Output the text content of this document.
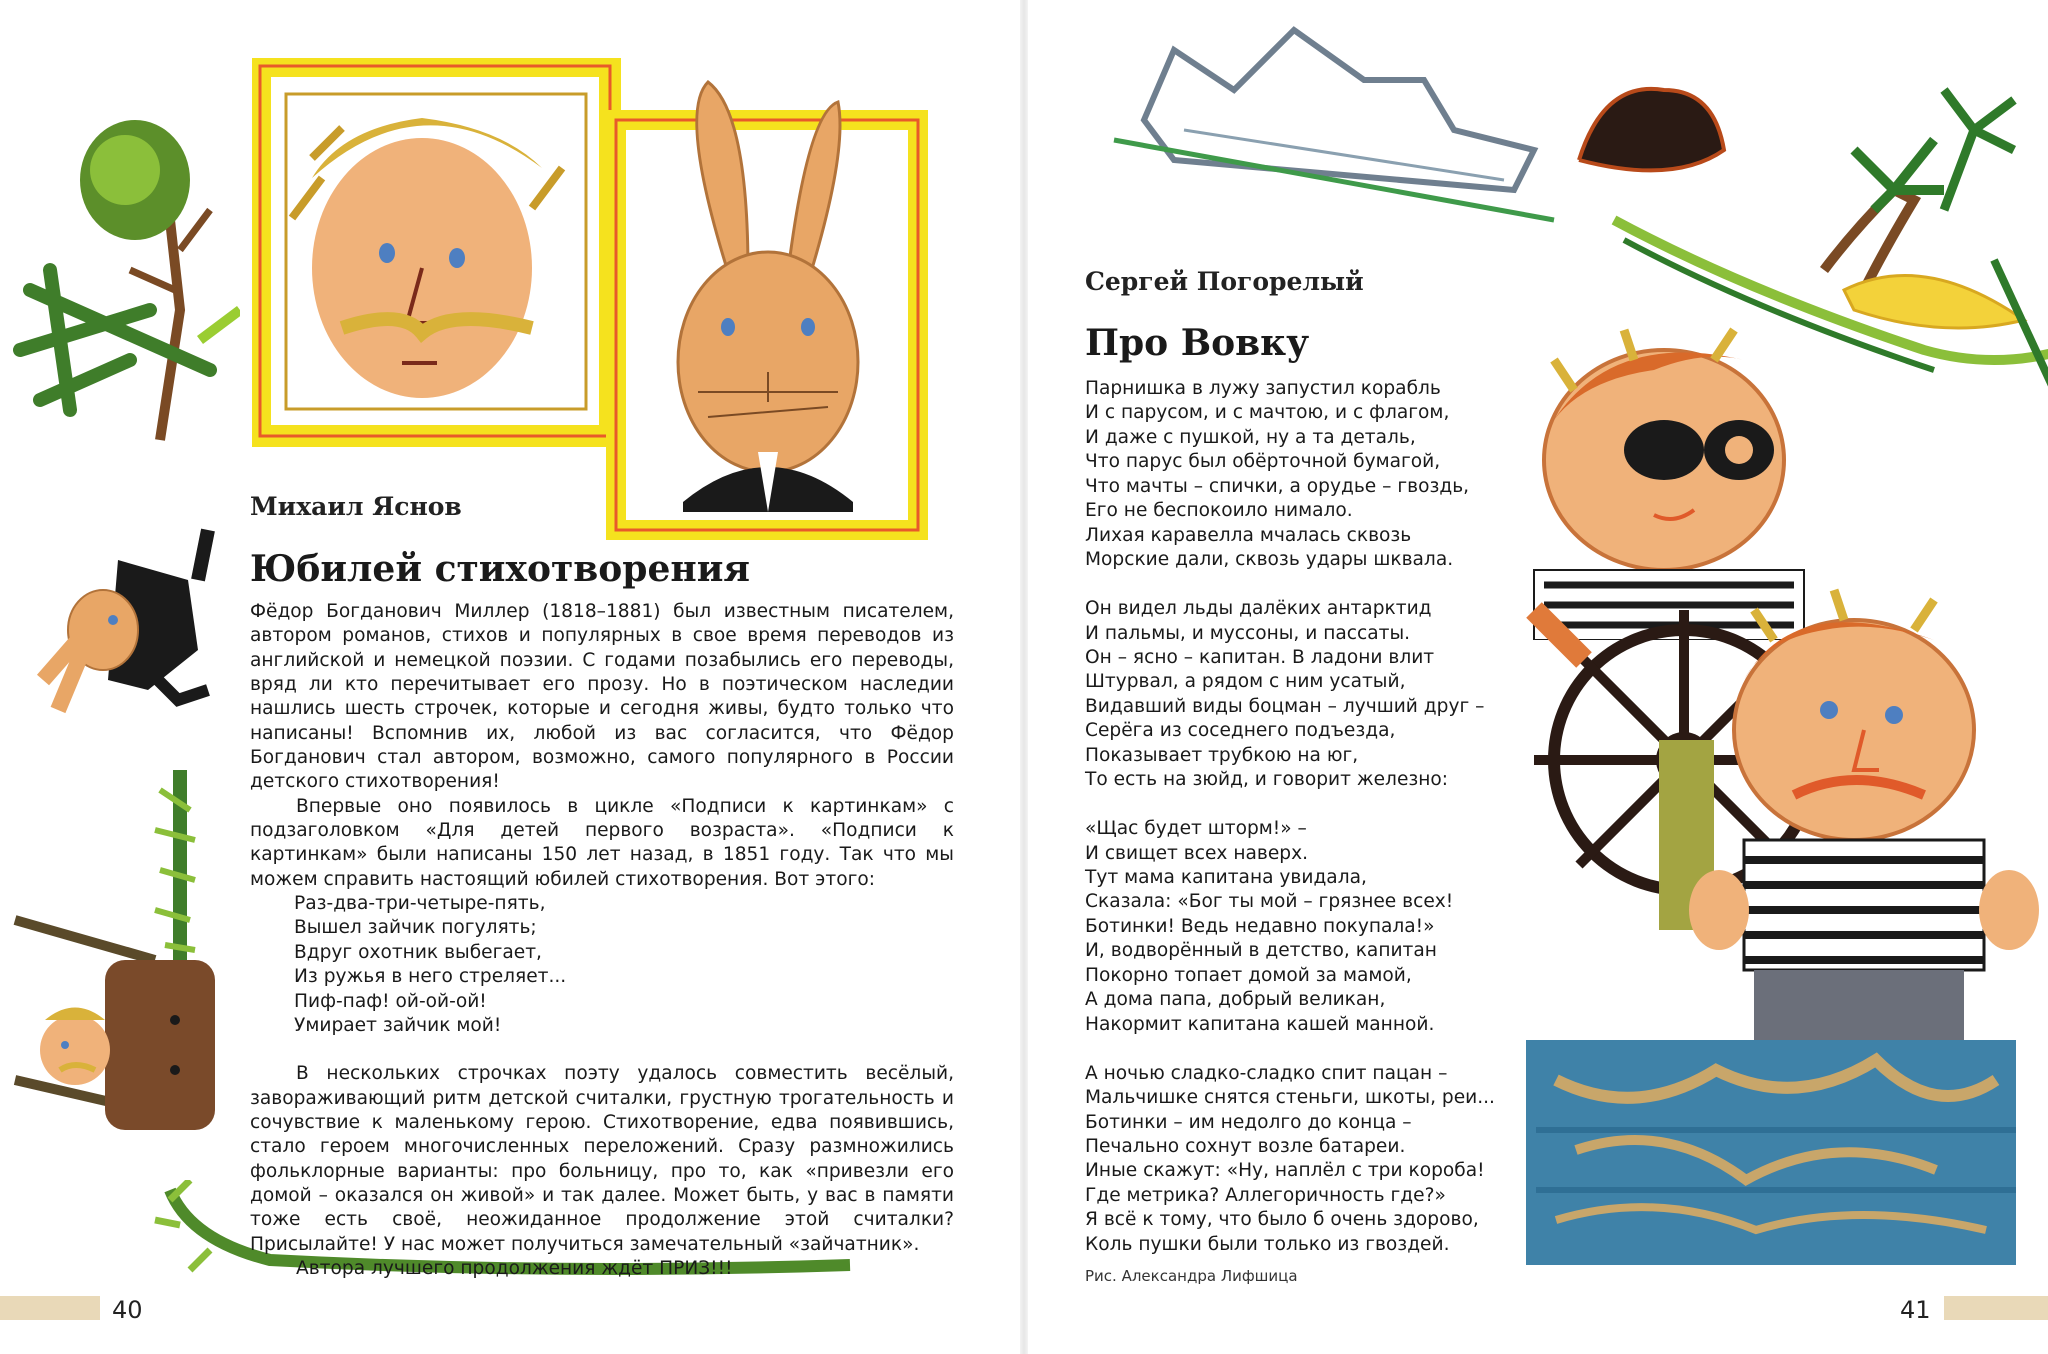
Михаил Яснов
Юбилей стихотворения

Фёдор Богданович Миллер (1818–1881) был известным писателем, автором романов, стихов и популярных в свое время переводов из английской и немецкой поэзии. С годами позабылись его переводы, вряд ли кто перечитывает его прозу. Но в поэтическом наследии нашлись шесть строчек, которые и сегодня живы, будто только что написаны! Вспомнив их, любой из вас согласится, что Фёдор Богданович стал автором, возможно, самого популярного в России детского стихотворения!

Впервые оно появилось в цикле «Подписи к картинкам» с подзаголовком «Для детей первого возраста». «Подписи к картинкам» были написаны 150 лет назад, в 1851 году. Так что мы можем справить настоящий юбилей стихотворения. Вот этого:

Раз-два-три-четыре-пять,
Вышел зайчик погулять;
Вдруг охотник выбегает,
Из ружья в него стреляет...
Пиф-паф! ой-ой-ой!
Умирает зайчик мой!

В нескольких строчках поэту удалось совместить весёлый, завораживающий ритм детской считалки, грустную трогательность и сочувствие к маленькому герою. Стихотворение, едва появившись, стало героем многочисленных переложений. Сразу размножились фольклорные варианты: про больницу, про то, как «привезли его домой – оказался он живой» и так далее. Может быть, у вас в памяти тоже есть своё, неожиданное продолжение этой считалки? Присылайте! У нас может получиться замечательный «зайчатник».

Автора лучшего продолжения ждёт ПРИЗ!!!

40
Сергей Погорелый
Про Вовку
Парнишка в лужу запустил корабль
И с парусом, и с мачтою, и с флагом,
И даже с пушкой, ну а та деталь,
Что парус был обёрточной бумагой,
Что мачты – спички, а орудье – гвоздь,
Его не беспокоило нимало.
Лихая каравелла мчалась сквозь
Морские дали, сквозь удары шквала.
Он видел льды далёких антарктид
И пальмы, и муссоны, и пассаты.
Он – ясно – капитан. В ладони влит
Штурвал, а рядом с ним усатый,
Видавший виды боцман – лучший друг –
Серёга из соседнего подъезда,
Показывает трубкою на юг,
То есть на зюйд, и говорит железно:
«Щас будет шторм!» –
И свищет всех наверх.
Тут мама капитана увидала,
Сказала: «Бог ты мой – грязнее всех!
Ботинки! Ведь недавно покупала!»
И, водворённый в детство, капитан
Покорно топает домой за мамой,
А дома папа, добрый великан,
Накормит капитана кашей манной.
А ночью сладко-сладко спит пацан –
Мальчишке снятся стеньги, шкоты, реи...
Ботинки – им недолго до конца –
Печально сохнут возле батареи.
Иные скажут: «Ну, наплёл с три короба!
Где метрика? Аллегоричность где?»
Я всё к тому, что было б очень здорово,
Коль пушки были только из гвоздей.
Рис. Александра Лифшица
41
